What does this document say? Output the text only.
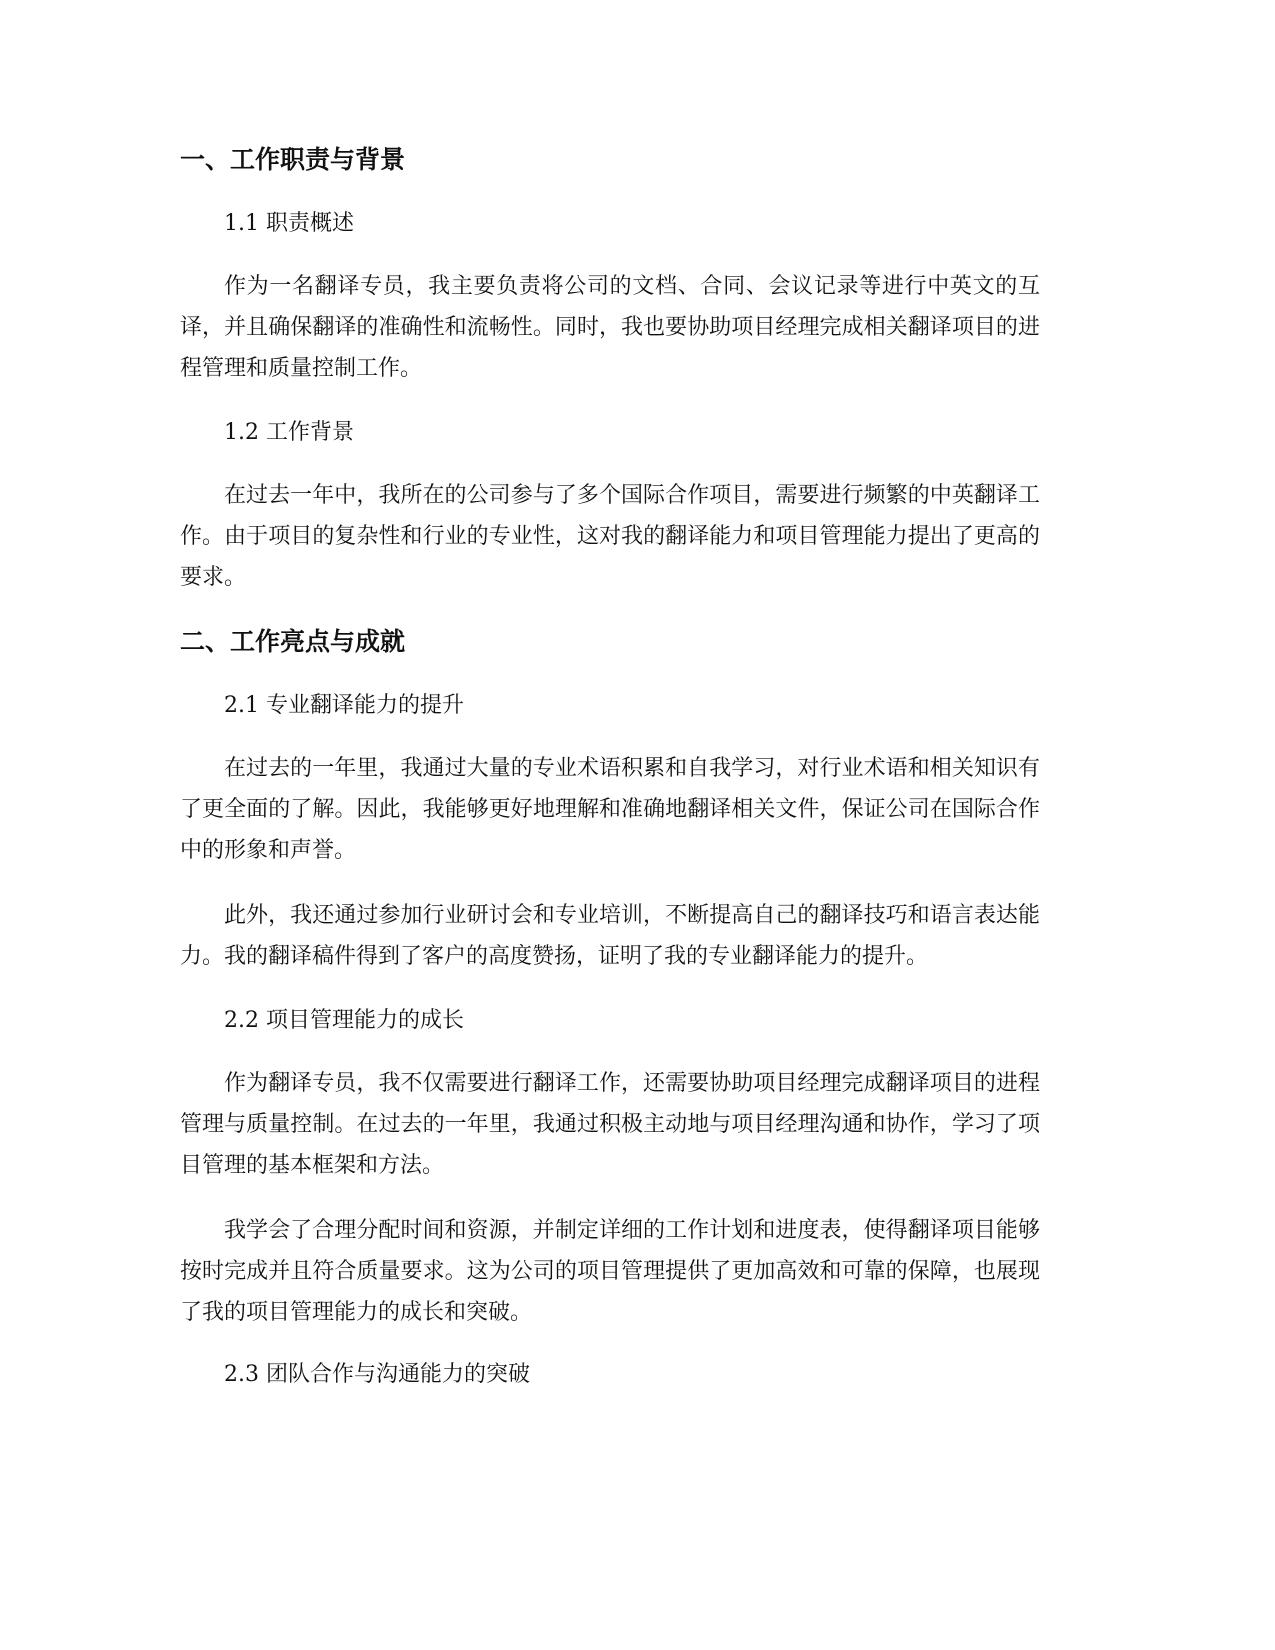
一、工作职责与背景
1.1 职责概述

作为一名翻译专员，我主要负责将公司的文档、合同、会议记录等进行中英文的互译，并且确保翻译的准确性和流畅性。同时，我也要协助项目经理完成相关翻译项目的进程管理和质量控制工作。

1.2 工作背景

在过去一年中，我所在的公司参与了多个国际合作项目，需要进行频繁的中英翻译工作。由于项目的复杂性和行业的专业性，这对我的翻译能力和项目管理能力提出了更高的要求。

二、工作亮点与成就
2.1 专业翻译能力的提升

在过去的一年里，我通过大量的专业术语积累和自我学习，对行业术语和相关知识有了更全面的了解。因此，我能够更好地理解和准确地翻译相关文件，保证公司在国际合作中的形象和声誉。

此外，我还通过参加行业研讨会和专业培训，不断提高自己的翻译技巧和语言表达能力。我的翻译稿件得到了客户的高度赞扬，证明了我的专业翻译能力的提升。

2.2 项目管理能力的成长

作为翻译专员，我不仅需要进行翻译工作，还需要协助项目经理完成翻译项目的进程管理与质量控制。在过去的一年里，我通过积极主动地与项目经理沟通和协作，学习了项目管理的基本框架和方法。

我学会了合理分配时间和资源，并制定详细的工作计划和进度表，使得翻译项目能够按时完成并且符合质量要求。这为公司的项目管理提供了更加高效和可靠的保障，也展现了我的项目管理能力的成长和突破。

2.3 团队合作与沟通能力的突破
